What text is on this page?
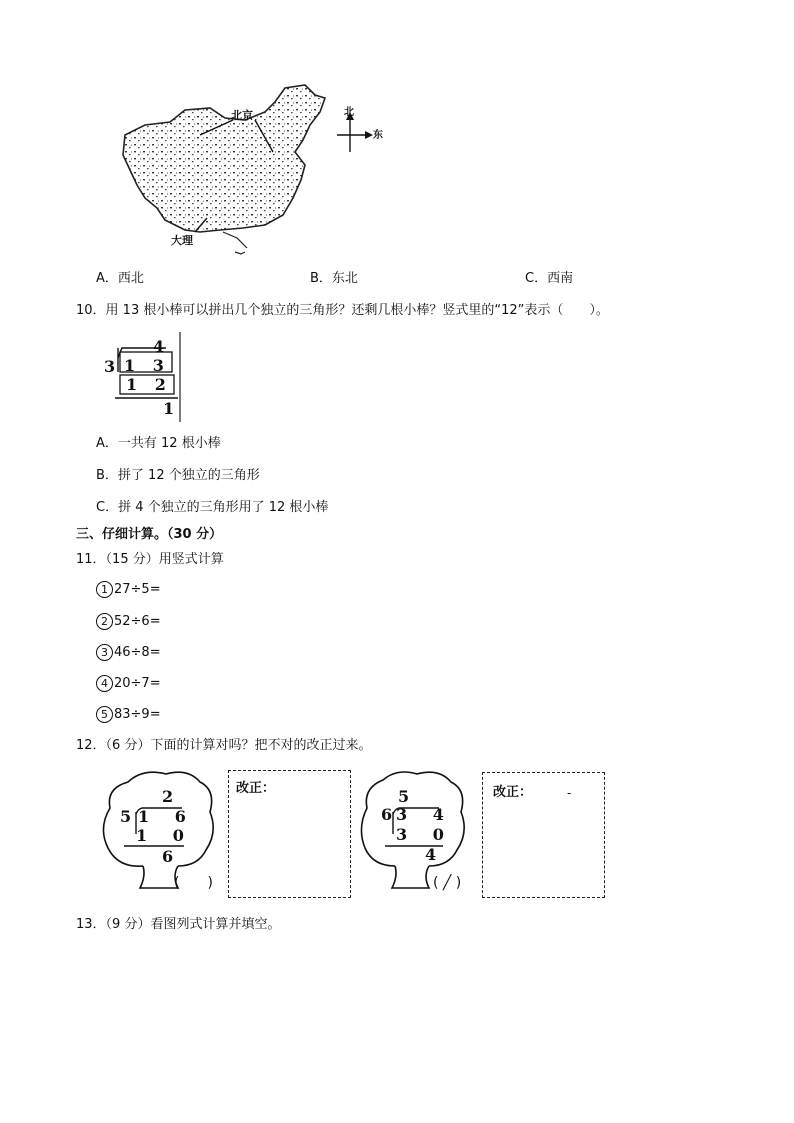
北京
大理
北
东
A．西北	B．东北	C．西南
10．用 13 根小棒可以拼出几个独立的三角形？还剩几根小棒？竖式里的“12”表示（　　）。
4
3 1 3
1 2
1
A．一共有 12 根小棒
B．拼了 12 个独立的三角形
C．拼 4 个独立的三角形用了 12 根小棒
三、仔细计算。（30 分）
11．（15 分）用竖式计算
1 27÷5=
2 52÷6=
3 46÷8=
4 20÷7=
5 83÷9=
12．（6 分）下面的计算对吗？把不对的改正过来。
2
5 1 6
1 0
6
(　　)
改正：	5
6 3 4
3 0
4
( ╱ )
改正：	-
13．（9 分）看图列式计算并填空。
